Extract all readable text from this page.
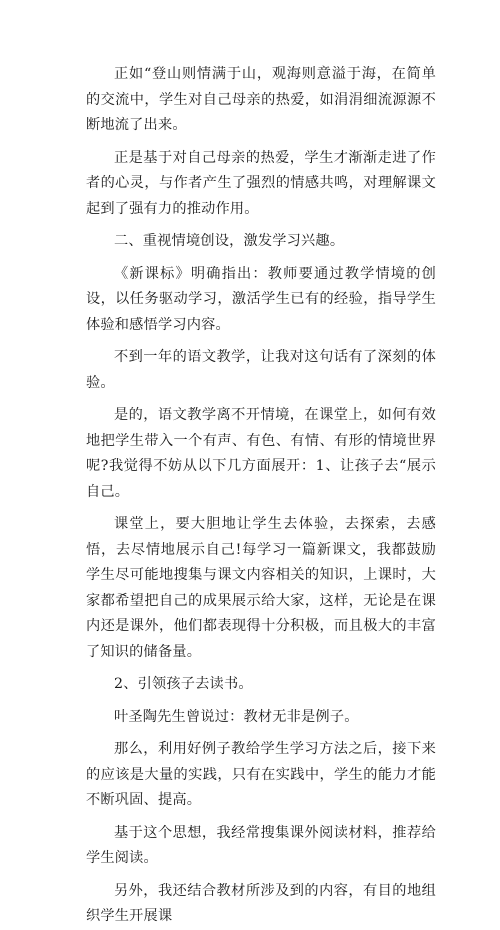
正如“登山则情满于山，观海则意溢于海，在简单的交流中，学生对自己母亲的热爱，如涓涓细流源源不断地流了出来。

正是基于对自己母亲的热爱，学生才渐渐走进了作者的心灵，与作者产生了强烈的情感共鸣，对理解课文起到了强有力的推动作用。

二、重视情境创设，激发学习兴趣。

《新课标》明确指出：教师要通过教学情境的创设，以任务驱动学习，激活学生已有的经验，指导学生体验和感悟学习内容。

不到一年的语文教学，让我对这句话有了深刻的体验。

是的，语文教学离不开情境，在课堂上，如何有效地把学生带入一个有声、有色、有情、有形的情境世界呢?我觉得不妨从以下几方面展开：1、让孩子去“展示自己。

课堂上，要大胆地让学生去体验，去探索，去感悟，去尽情地展示自己!每学习一篇新课文，我都鼓励学生尽可能地搜集与课文内容相关的知识，上课时，大家都希望把自己的成果展示给大家，这样，无论是在课内还是课外，他们都表现得十分积极，而且极大的丰富了知识的储备量。

2、引领孩子去读书。

叶圣陶先生曾说过：教材无非是例子。

那么，利用好例子教给学生学习方法之后，接下来的应该是大量的实践，只有在实践中，学生的能力才能不断巩固、提高。

基于这个思想，我经常搜集课外阅读材料，推荐给学生阅读。

另外，我还结合教材所涉及到的内容，有目的地组织学生开展课
